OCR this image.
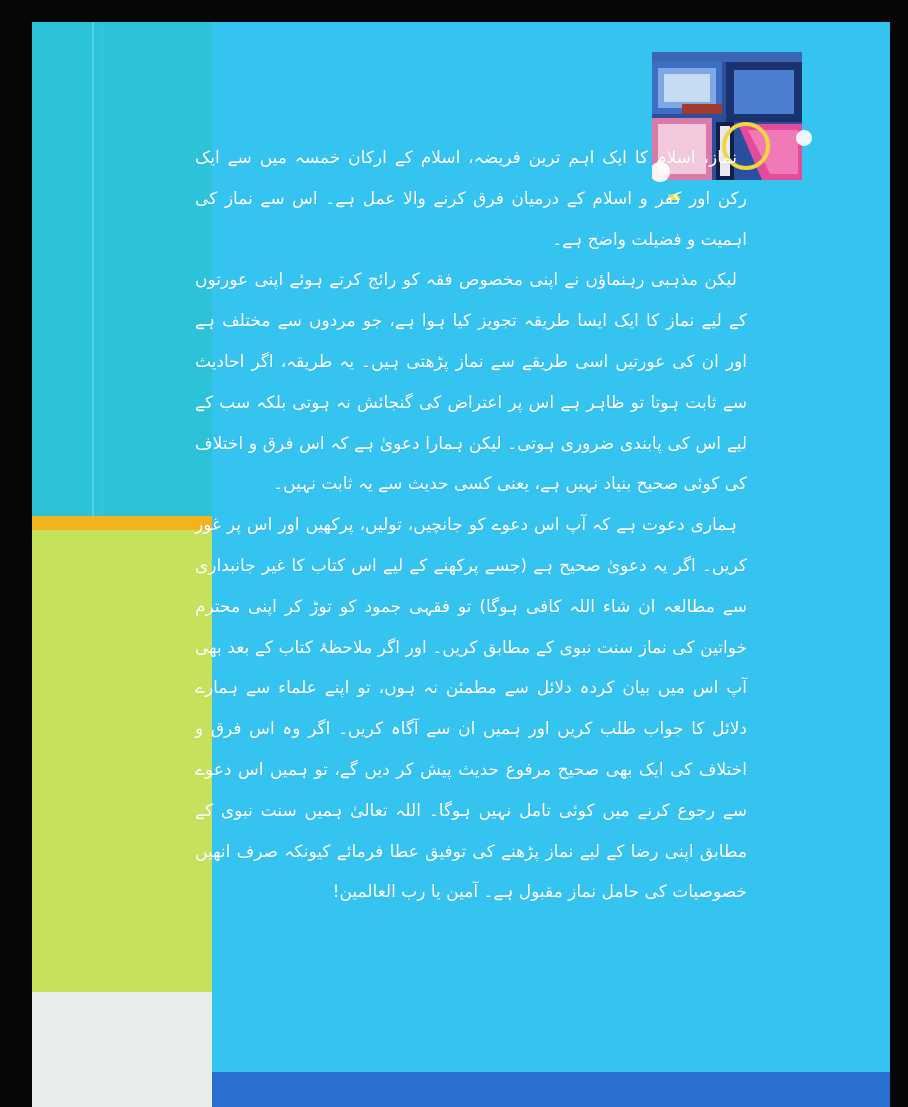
نماز، اسلام کا ایک اہم ترین فریضہ، اسلام کے ارکان خمسہ میں سے ایک رکن اور کفر و اسلام کے درمیان فرق کرنے والا عمل ہے۔ اس سے نماز کی اہمیت و فضیلت واضح ہے۔

لیکن مذہبی رہنماؤں نے اپنی مخصوص فقہ کو رائج کرتے ہوئے اپنی عورتوں کے لیے نماز کا ایک ایسا طریقہ تجویز کیا ہوا ہے، جو مردوں سے مختلف ہے اور ان کی عورتیں اسی طریقے سے نماز پڑھتی ہیں۔ یہ طریقہ، اگر احادیث سے ثابت ہوتا تو ظاہر ہے اس پر اعتراض کی گنجائش نہ ہوتی بلکہ سب کے لیے اس کی پابندی ضروری ہوتی۔ لیکن ہمارا دعویٰ ہے کہ اس فرق و اختلاف کی کوئی صحیح بنیاد نہیں ہے، یعنی کسی حدیث سے یہ ثابت نہیں۔

ہماری دعوت ہے کہ آپ اس دعوے کو جانچیں، تولیں، پرکھیں اور اس پر غور کریں۔ اگر یہ دعویٰ صحیح ہے (جسے پرکھنے کے لیے اس کتاب کا غیر جانبداری سے مطالعہ ان شاء اللہ کافی ہوگا) تو فقہی جمود کو توڑ کر اپنی محترم خواتین کی نماز سنت نبوی کے مطابق کریں۔ اور اگر ملاحظۂ کتاب کے بعد بھی آپ اس میں بیان کردہ دلائل سے مطمئن نہ ہوں، تو اپنے علماء سے ہمارے دلائل کا جواب طلب کریں اور ہمیں ان سے آگاہ کریں۔ اگر وہ اس فرق و اختلاف کی ایک بھی صحیح مرفوع حدیث پیش کر دیں گے، تو ہمیں اس دعوے سے رجوع کرنے میں کوئی تامل نہیں ہوگا۔ اللہ تعالیٰ ہمیں سنت نبوی کے مطابق اپنی رضا کے لیے نماز پڑھنے کی توفیق عطا فرمائے کیونکہ صرف انھیں خصوصیات کی حامل نماز مقبول ہے۔ آمین یا رب العالمین!
